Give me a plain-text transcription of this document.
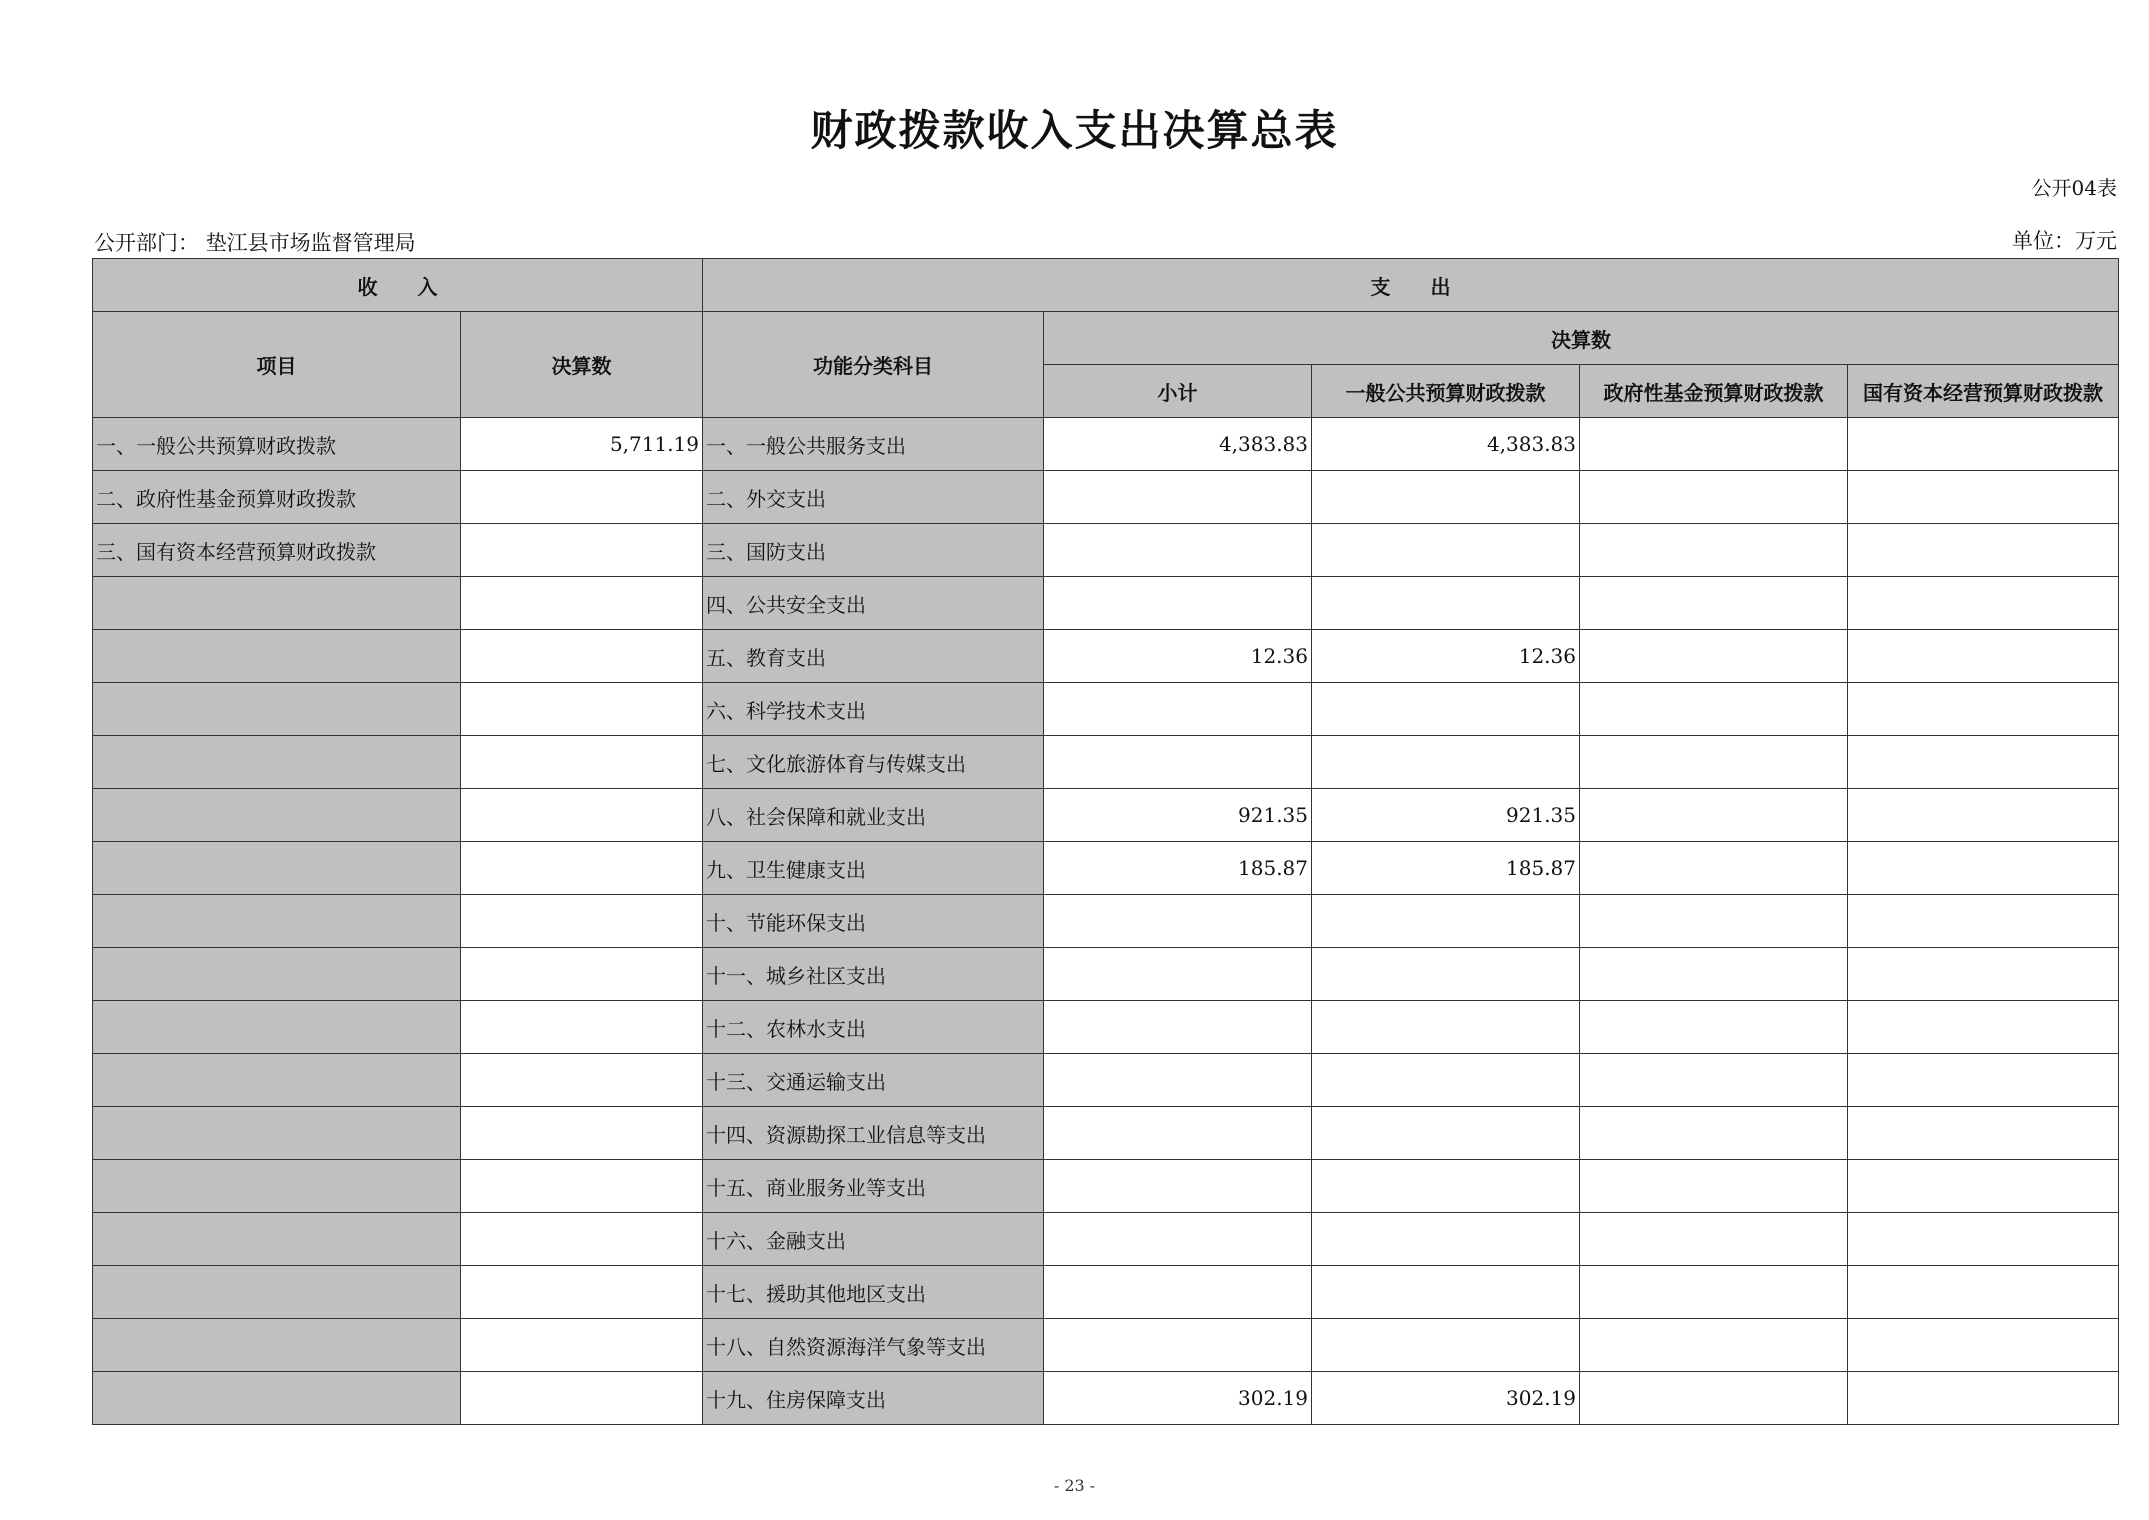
财政拨款收入支出决算总表
公开04表
公开部门： 垫江县市场监督管理局	单位：万元
收　　入		支　　出				
项目	决算数	功能分类科目	决算数			
			小计	一般公共预算财政拨款	政府性基金预算财政拨款	国有资本经营预算财政拨款
一、一般公共预算财政拨款	5,711.19	一、一般公共服务支出	4,383.83	4,383.83		
二、政府性基金预算财政拨款		二、外交支出				
三、国有资本经营预算财政拨款		三、国防支出				
		四、公共安全支出				
		五、教育支出	12.36	12.36		
		六、科学技术支出				
		七、文化旅游体育与传媒支出				
		八、社会保障和就业支出	921.35	921.35		
		九、卫生健康支出	185.87	185.87		
		十、节能环保支出				
		十一、城乡社区支出				
		十二、农林水支出				
		十三、交通运输支出				
		十四、资源勘探工业信息等支出				
		十五、商业服务业等支出				
		十六、金融支出				
		十七、援助其他地区支出				
		十八、自然资源海洋气象等支出				
		十九、住房保障支出	302.19	302.19		
- 23 -
